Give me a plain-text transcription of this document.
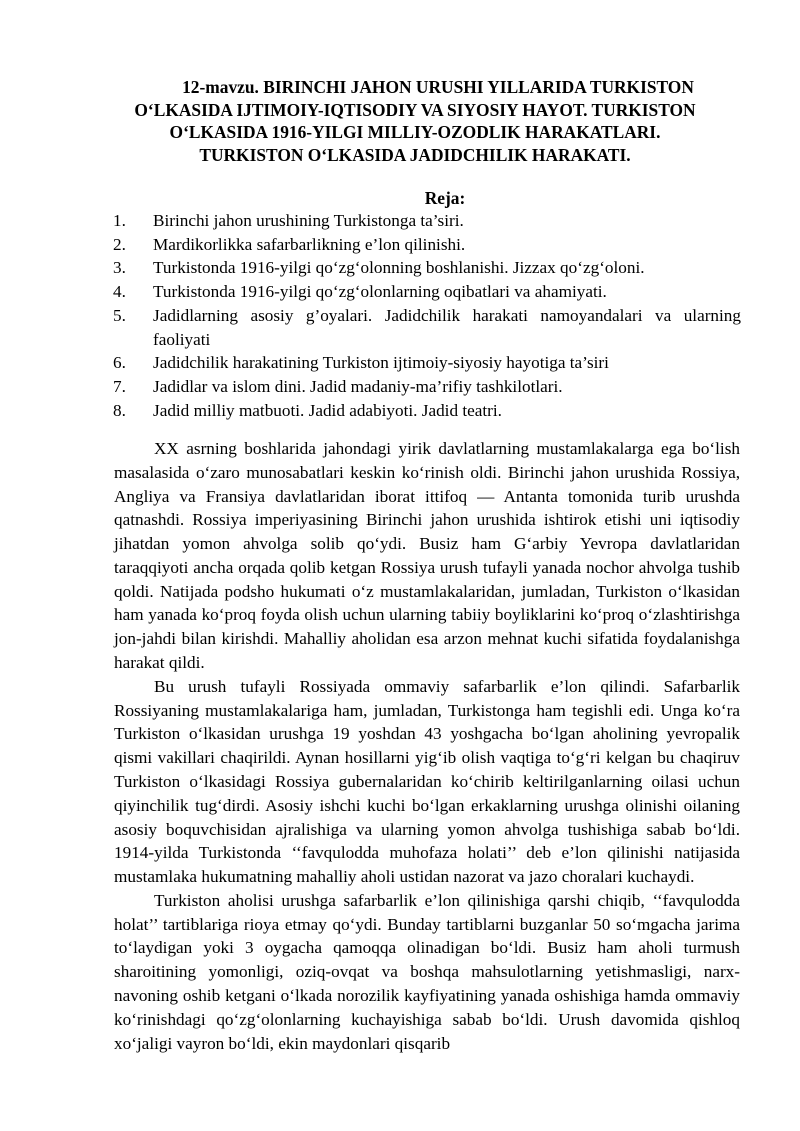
12-mavzu. BIRINCHI JAHON URUSHI YILLARIDA TURKISTON
O‘LKASIDA IJTIMOIY-IQTISODIY VA SIYOSIY HAYOT. TURKISTON
O‘LKASIDA 1916-YILGI MILLIY-OZODLIK HARAKATLARI.
TURKISTON O‘LKASIDA JADIDCHILIK HARAKATI.
Reja:
1.	Birinchi jahon urushining Turkistonga ta’siri.
2.	Mardikorlikka safarbarlikning e’lon qilinishi.
3.	Turkistonda 1916-yilgi qo‘zg‘olonning boshlanishi. Jizzax qo‘zg‘oloni.
4.	Turkistonda 1916-yilgi qo‘zg‘olonlarning oqibatlari va ahamiyati.
5.	Jadidlarning asosiy g’oyalari. Jadidchilik harakati namoyandalari va ularning faoliyati
6.	Jadidchilik harakatining Turkiston ijtimoiy-siyosiy hayotiga ta’siri
7.	Jadidlar va islom dini. Jadid madaniy-ma’rifiy tashkilotlari.
8.	Jadid milliy matbuoti. Jadid adabiyoti. Jadid teatri.

XX asrning boshlarida jahondagi yirik davlatlarning mustamlakalarga ega bo‘lish masalasida o‘zaro munosabatlari keskin ko‘rinish oldi. Birinchi jahon urushida Rossiya, Angliya va Fransiya davlatlaridan iborat ittifoq — Antanta tomonida turib urushda qatnashdi. Rossiya imperiyasining Birinchi jahon urushida ishtirok etishi uni iqtisodiy jihatdan yomon ahvolga solib qo‘ydi. Busiz ham G‘arbiy Yevropa davlatlaridan taraqqiyoti ancha orqada qolib ketgan Rossiya urush tufayli yanada nochor ahvolga tushib qoldi. Natijada podsho hukumati o‘z mustamlakalaridan, jumladan, Turkiston o‘lkasidan ham yanada ko‘proq foyda olish uchun ularning tabiiy boyliklarini ko‘proq o‘zlashtirishga jon-jahdi bilan kirishdi. Mahalliy aholidan esa arzon mehnat kuchi sifatida foydalanishga harakat qildi.

Bu urush tufayli Rossiyada ommaviy safarbarlik e’lon qilindi. Safarbarlik Rossiyaning mustamlakalariga ham, jumladan, Turkistonga ham tegishli edi. Unga ko‘ra Turkiston o‘lkasidan urushga 19 yoshdan 43 yoshgacha bo‘lgan aholining yevropalik qismi vakillari chaqirildi. Aynan hosillarni yig‘ib olish vaqtiga to‘g‘ri kelgan bu chaqiruv Turkiston o‘lkasidagi Rossiya gubernalaridan ko‘chirib keltirilganlarning oilasi uchun qiyinchilik tug‘dirdi. Asosiy ishchi kuchi bo‘lgan erkaklarning urushga olinishi oilaning asosiy boquvchisidan ajralishiga va ularning yomon ahvolga tushishiga sabab bo‘ldi. 1914-yilda Turkistonda ‘‘favqulodda muhofaza holati’’ deb e’lon qilinishi natijasida mustamlaka hukumatning mahalliy aholi ustidan nazorat va jazo choralari kuchaydi.

Turkiston aholisi urushga safarbarlik e’lon qilinishiga qarshi chiqib, ‘‘favqulodda holat’’ tartiblariga rioya etmay qo‘ydi. Bunday tartiblarni buzganlar 50 so‘mgacha jarima to‘laydigan yoki 3 oygacha qamoqqa olinadigan bo‘ldi. Busiz ham aholi turmush sharoitining yomonligi, oziq-ovqat va boshqa mahsulotlarning yetishmasligi, narx-navoning oshib ketgani o‘lkada norozilik kayfiyatining yanada oshishiga hamda ommaviy ko‘rinishdagi qo‘zg‘olonlarning kuchayishiga sabab bo‘ldi. Urush davomida qishloq xo‘jaligi vayron bo‘ldi, ekin maydonlari qisqarib
